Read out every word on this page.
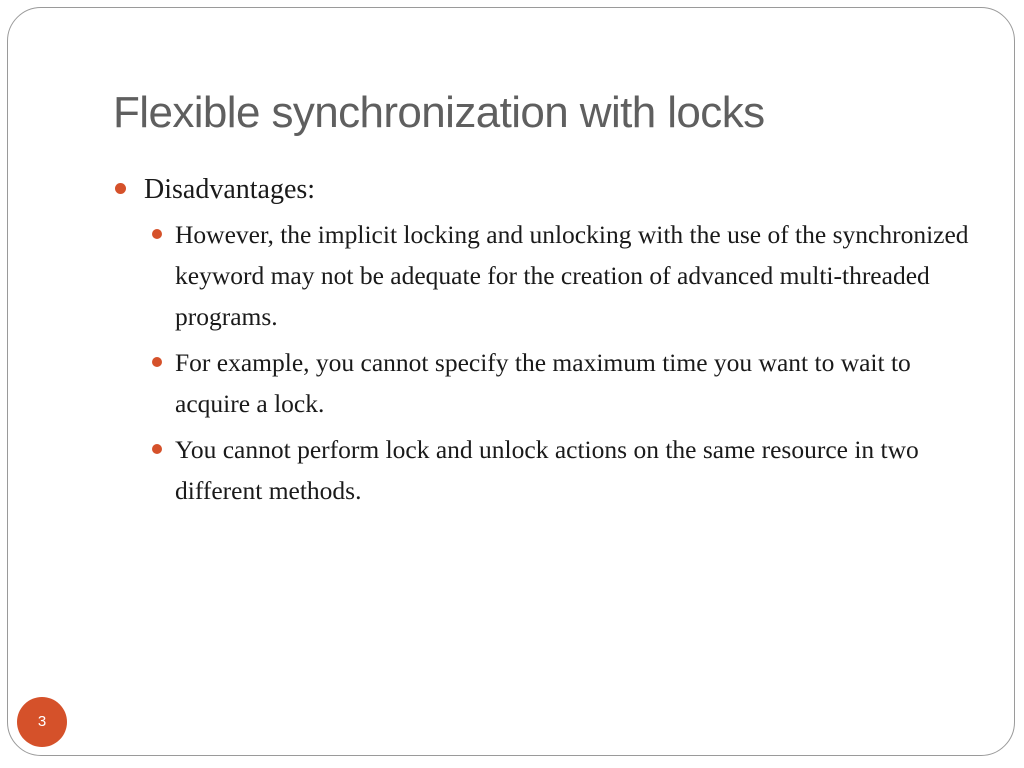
Flexible synchronization with locks
Disadvantages:
However, the implicit locking and unlocking with the use of the synchronized keyword may not be adequate for the creation of advanced multi-threaded programs.
For example, you cannot specify the maximum time you want to wait to acquire a lock.
You cannot perform lock and unlock actions on the same resource in two different methods.
3
